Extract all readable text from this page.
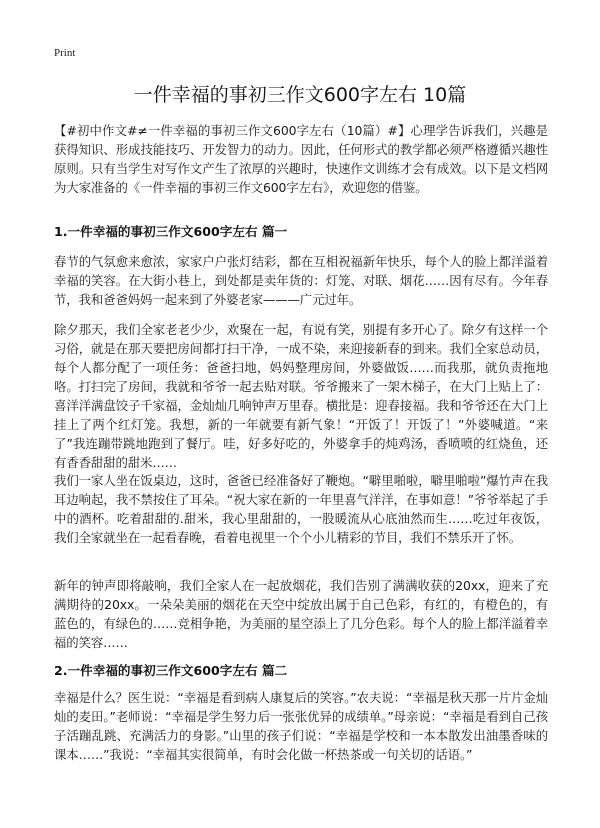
Print
一件幸福的事初三作文600字左右 10篇

【#初中作文#≠一件幸福的事初三作文600字左右（10篇）#】心理学告诉我们，兴趣是获得知识、形成技能技巧、开发智力的动力。因此，任何形式的教学都必须严格遵循兴趣性原则。只有当学生对写作文产生了浓厚的兴趣时，快速作文训练才会有成效。以下是文档网为大家准备的《一件幸福的事初三作文600字左右》，欢迎您的借鉴。

1.一件幸福的事初三作文600字左右 篇一

春节的气氛愈来愈浓，家家户户张灯结彩，都在互相祝福新年快乐，每个人的脸上都洋溢着幸福的笑容。在大街小巷上，到处都是卖年货的：灯笼、对联、烟花……因有尽有。今年春节，我和爸爸妈妈一起来到了外婆老家———广元过年。

除夕那天，我们全家老老少少，欢聚在一起，有说有笑，别提有多开心了。除夕有这样一个习俗，就是在那天要把房间都打扫干净，一成不染，来迎接新春的到来。我们全家总动员，每个人都分配了一项任务：爸爸扫地，妈妈整理房间，外婆做饭……而我那，就负责拖地咯。打扫完了房间，我就和爷爷一起去贴对联。爷爷搬来了一架木梯子，在大门上贴上了：喜洋洋满盘饺子千家福，金灿灿几响钟声万里春。横批是：迎春接福。我和爷爷还在大门上挂上了两个红灯笼。我想，新的一年就要有新气象！“开饭了！开饭了！”外婆喊道。“来了”我连蹦带跳地跑到了餐厅。哇，好多好吃的，外婆拿手的炖鸡汤，香喷喷的红烧鱼，还有香香甜甜的甜米……

我们一家人坐在饭桌边，这时，爸爸已经准备好了鞭炮。“噼里啪啦，噼里啪啦”爆竹声在我耳边响起，我不禁按住了耳朵。“祝大家在新的一年里喜气洋洋，在事如意！”爷爷举起了手中的酒杯。吃着甜甜的.甜米，我心里甜甜的，一股暖流从心底油然而生……吃过年夜饭，我们全家就坐在一起看春晚，看着电视里一个个小儿精彩的节目，我们不禁乐开了怀。

新年的钟声即将敲响，我们全家人在一起放烟花，我们告别了满满收获的20xx，迎来了充满期待的20xx。一朵朵美丽的烟花在天空中绽放出属于自己色彩，有红的，有橙色的，有蓝色的，有绿色的……竞相争艳，为美丽的星空添上了几分色彩。每个人的脸上都洋溢着幸福的笑容……

2.一件幸福的事初三作文600字左右 篇二

幸福是什么？医生说：“幸福是看到病人康复后的笑容。”农夫说：“幸福是秋天那一片片金灿灿的麦田。”老师说：“幸福是学生努力后一张张优异的成绩单。”母亲说：“幸福是看到自己孩子活蹦乱跳、充满活力的身影。”山里的孩子们说：“幸福是学校和一本本散发出油墨香味的课本……”我说：“幸福其实很简单，有时会化做一杯热茶或一句关切的话语。”
